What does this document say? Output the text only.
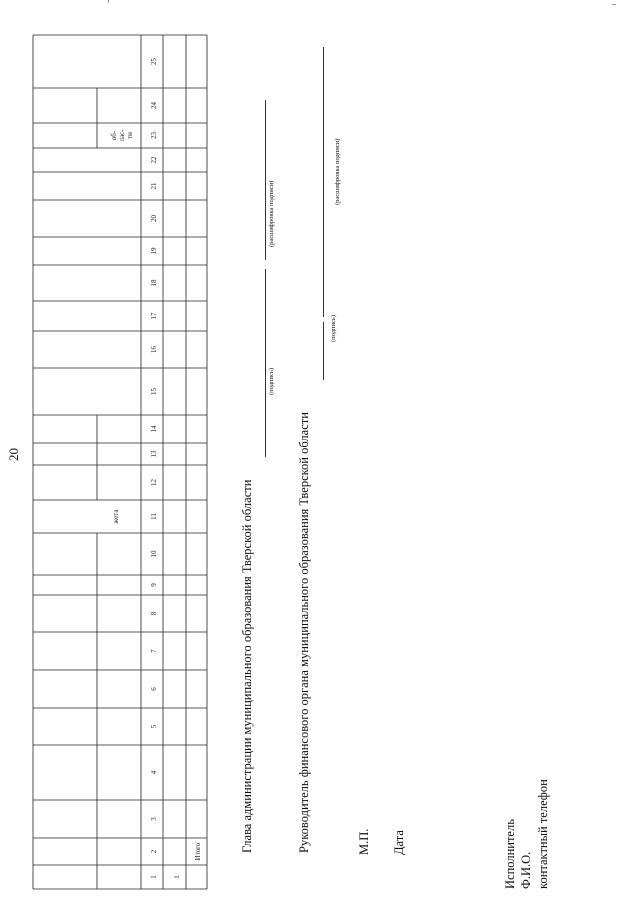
20
1
2
3
4
5
6
7
8
9
10
11
12
13
14
15
16
17
18
19
20
21
22
23
24
25
жета
об- лас- ти
1
Итого	Глава администрации муниципального образования Тверской области
(подпись)
(расшифровка подписи)
Руководитель финансового органа муниципального образования Тверской области
(подпись)
(расшифровка подписи)
М.П. Дата	Исполнитель Ф.И.О. контактный телефон
